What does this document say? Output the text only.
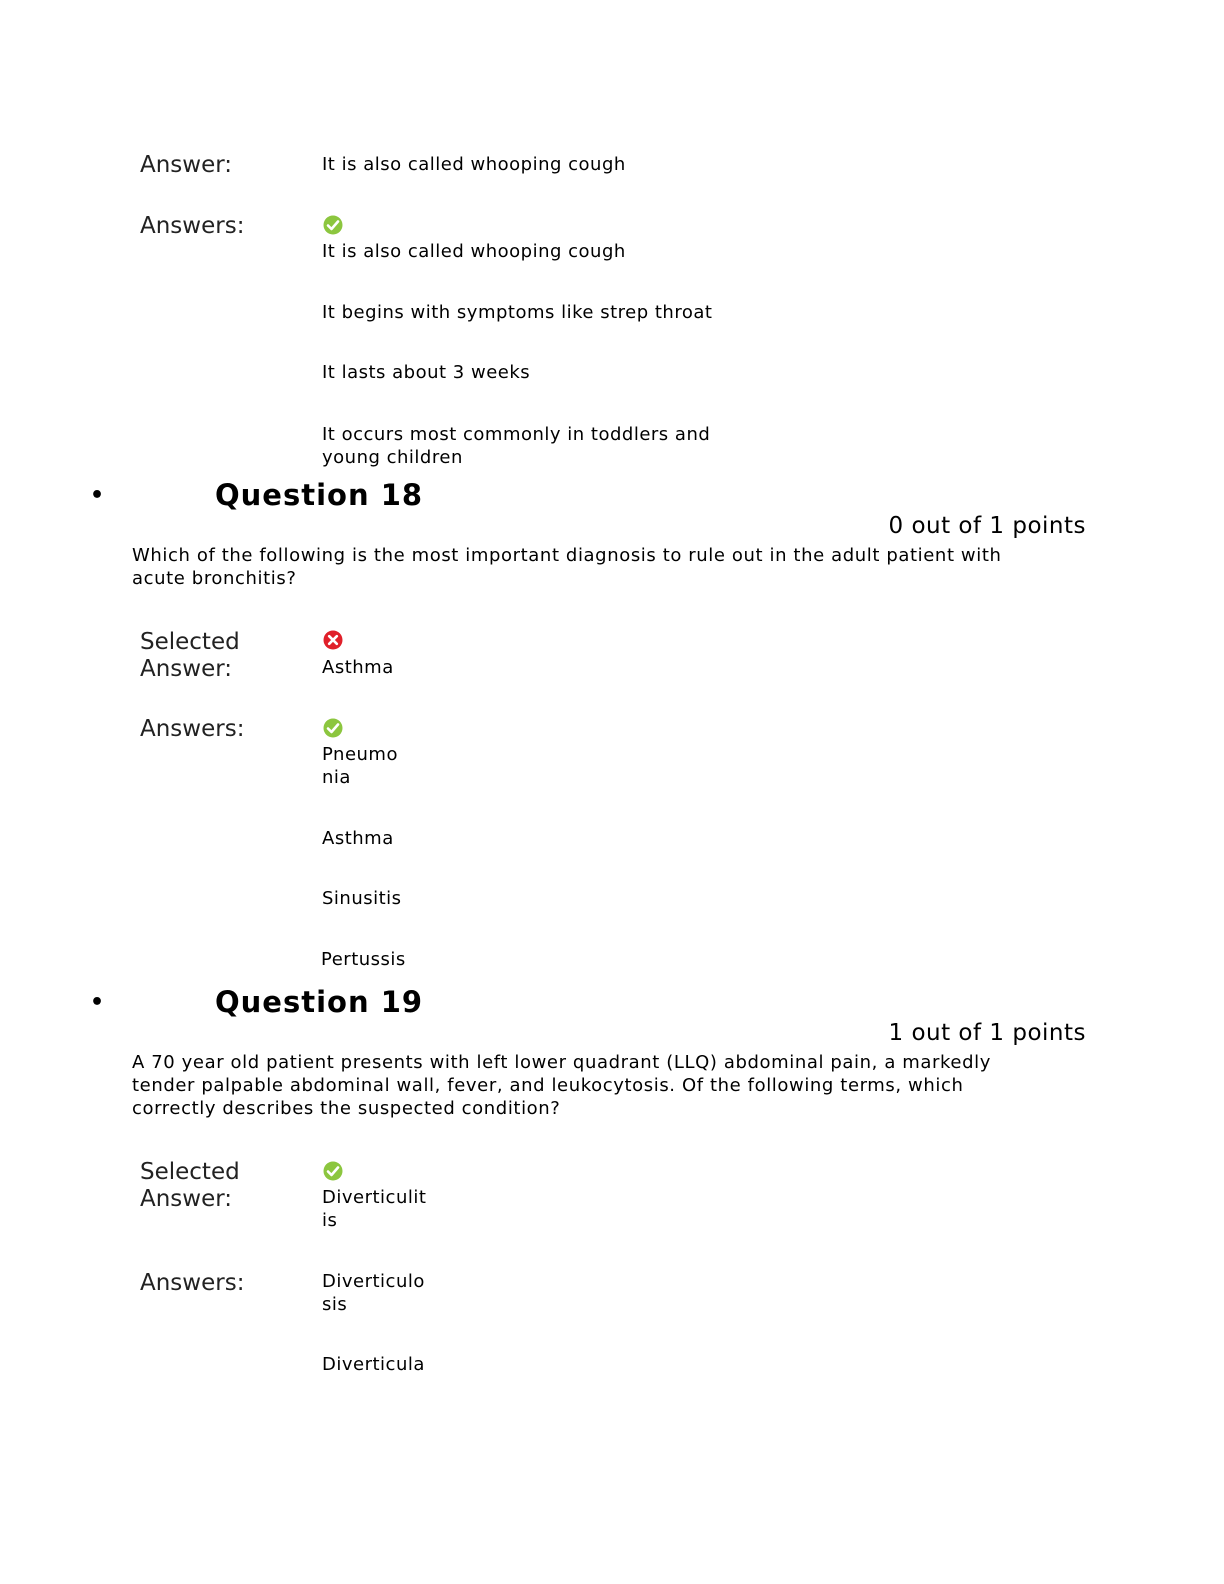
Answer:	It is also called whooping cough
Answers:
It is also called whooping cough
It begins with symptoms like strep throat
It lasts about 3 weeks
It occurs most commonly in toddlers and young children
•	Question 18
0 out of 1 points
Which of the following is the most important diagnosis to rule out in the adult patient with acute bronchitis?
Selected
Answer:	Asthma
Answers:
Pneumo
nia
Asthma
Sinusitis
Pertussis
•	Question 19
1 out of 1 points
A 70 year old patient presents with left lower quadrant (LLQ) abdominal pain, a markedly tender palpable abdominal wall, fever, and leukocytosis. Of the following terms, which correctly describes the suspected condition?
Selected
Answer:	Diverticulit
is
Answers:	Diverticulo
sis
Diverticula
